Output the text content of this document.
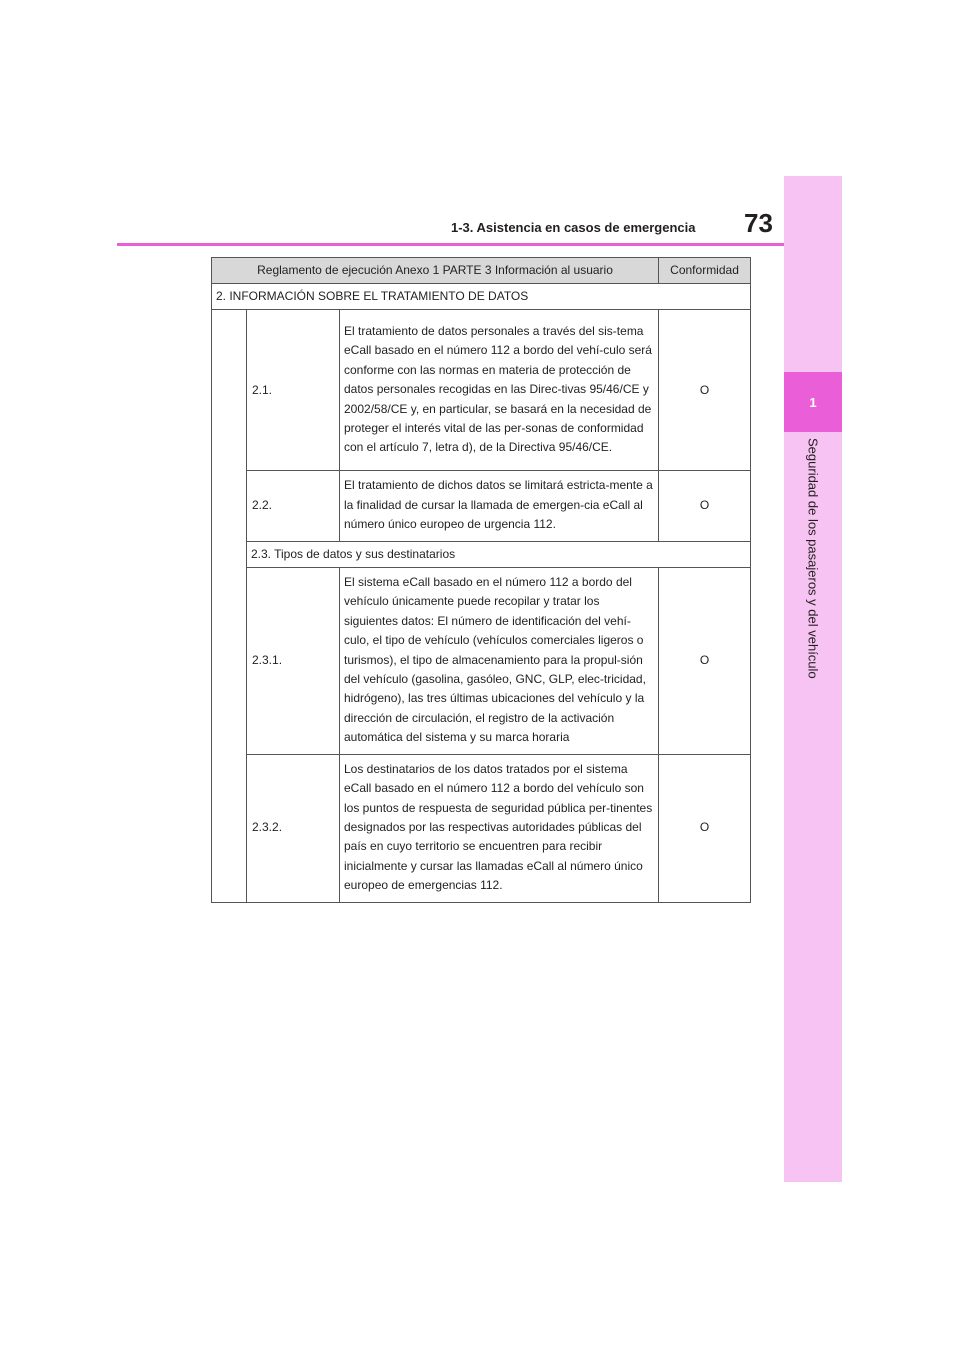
1
Seguridad de los pasajeros y del vehículo
1-3. Asistencia en casos de emergencia 73
Reglamento de ejecución Anexo 1 PARTE 3 Información al usuario			Conformidad
2. INFORMACIÓN SOBRE EL TRATAMIENTO DE DATOS			
	2.1.	El tratamiento de datos personales a través del sis-tema eCall basado en el número 112 a bordo del vehí-culo será conforme con las normas en materia de protección de datos personales recogidas en las Direc-tivas 95/46/CE y 2002/58/CE y, en particular, se basará en la necesidad de proteger el interés vital de las per-sonas de conformidad con el artículo 7, letra d), de la Directiva 95/46/CE.	O
	2.2.	El tratamiento de dichos datos se limitará estricta-mente a la finalidad de cursar la llamada de emergen-cia eCall al número único europeo de urgencia 112.	O
	2.3. Tipos de datos y sus destinatarios		
	2.3.1.	El sistema eCall basado en el número 112 a bordo del vehículo únicamente puede recopilar y tratar los siguientes datos: El número de identificación del vehí-culo, el tipo de vehículo (vehículos comerciales ligeros o turismos), el tipo de almacenamiento para la propul-sión del vehículo (gasolina, gasóleo, GNC, GLP, elec-tricidad, hidrógeno), las tres últimas ubicaciones del vehículo y la dirección de circulación, el registro de la activación automática del sistema y su marca horaria	O
	2.3.2.	Los destinatarios de los datos tratados por el sistema eCall basado en el número 112 a bordo del vehículo son los puntos de respuesta de seguridad pública per-tinentes designados por las respectivas autoridades públicas del país en cuyo territorio se encuentren para recibir inicialmente y cursar las llamadas eCall al número único europeo de emergencias 112.	O
